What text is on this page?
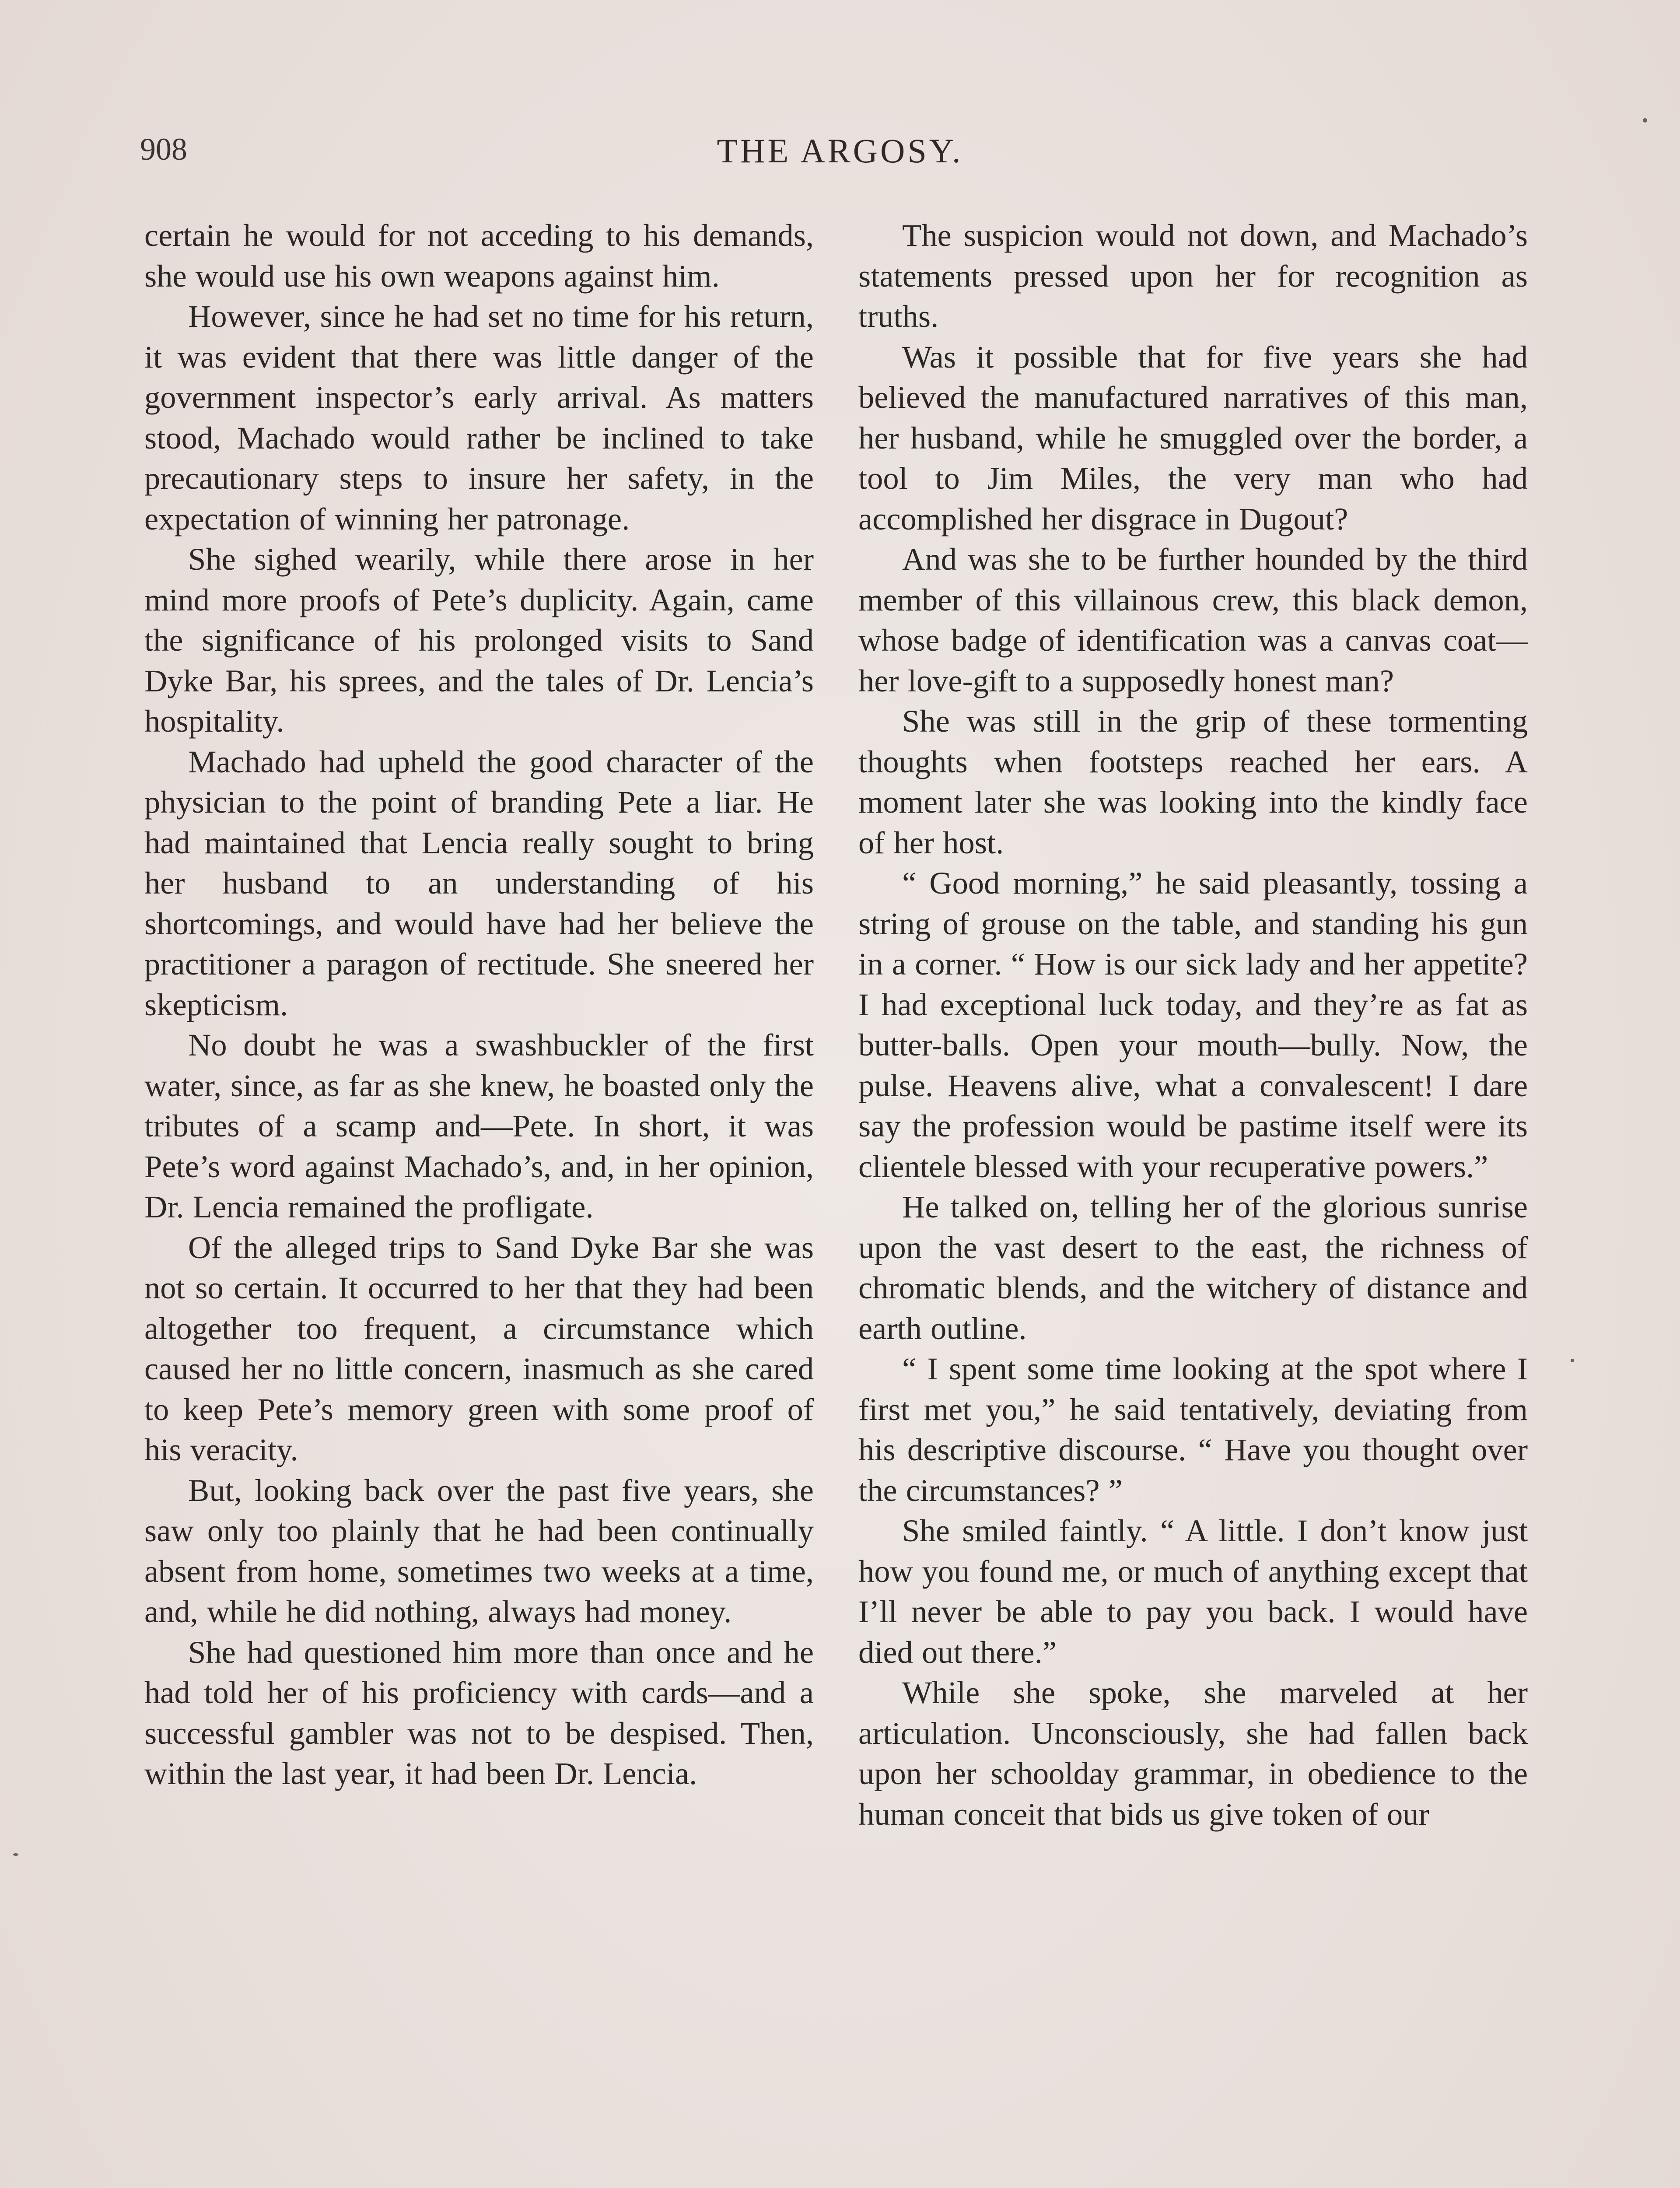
908	THE ARGOSY.

certain he would for not acceding to his demands, she would use his own weapons against him.

However, since he had set no time for his return, it was evident that there was little danger of the government inspector’s early arrival. As matters stood, Machado would rather be inclined to take precautionary steps to insure her safety, in the expectation of winning her patronage.

She sighed wearily, while there arose in her mind more proofs of Pete’s duplicity. Again, came the significance of his prolonged visits to Sand Dyke Bar, his sprees, and the tales of Dr. Lencia’s hospitality.

Machado had upheld the good character of the physician to the point of branding Pete a liar. He had maintained that Lencia really sought to bring her husband to an understanding of his shortcomings, and would have had her believe the practitioner a paragon of rectitude. She sneered her skepticism.

No doubt he was a swashbuckler of the first water, since, as far as she knew, he boasted only the tributes of a scamp and—Pete. In short, it was Pete’s word against Machado’s, and, in her opinion, Dr. Lencia remained the profligate.

Of the alleged trips to Sand Dyke Bar she was not so certain. It occurred to her that they had been altogether too frequent, a circumstance which caused her no little concern, inasmuch as she cared to keep Pete’s memory green with some proof of his veracity.

But, looking back over the past five years, she saw only too plainly that he had been continually absent from home, sometimes two weeks at a time, and, while he did nothing, always had money.

She had questioned him more than once and he had told her of his proficiency with cards—and a successful gambler was not to be despised. Then, within the last year, it had been Dr. Lencia.

The suspicion would not down, and Machado’s statements pressed upon her for recognition as truths.

Was it possible that for five years she had believed the manufactured narratives of this man, her husband, while he smuggled over the border, a tool to Jim Miles, the very man who had accomplished her disgrace in Dugout?

And was she to be further hounded by the third member of this villainous crew, this black demon, whose badge of identification was a canvas coat—her love-gift to a supposedly honest man?

She was still in the grip of these tormenting thoughts when footsteps reached her ears. A moment later she was looking into the kindly face of her host.

“ Good morning,” he said pleasantly, tossing a string of grouse on the table, and standing his gun in a corner. “ How is our sick lady and her appetite? I had exceptional luck today, and they’re as fat as butter-balls. Open your mouth—bully. Now, the pulse. Heavens alive, what a convalescent! I dare say the profession would be pastime itself were its clientele blessed with your recuperative powers.”

He talked on, telling her of the glorious sunrise upon the vast desert to the east, the richness of chromatic blends, and the witchery of distance and earth outline.

“ I spent some time looking at the spot where I first met you,” he said tentatively, deviating from his descriptive discourse. “ Have you thought over the circumstances? ”

She smiled faintly. “ A little. I don’t know just how you found me, or much of anything except that I’ll never be able to pay you back. I would have died out there.”

While she spoke, she marveled at her articulation. Unconsciously, she had fallen back upon her schoolday grammar, in obedience to the human conceit that bids us give token of our
